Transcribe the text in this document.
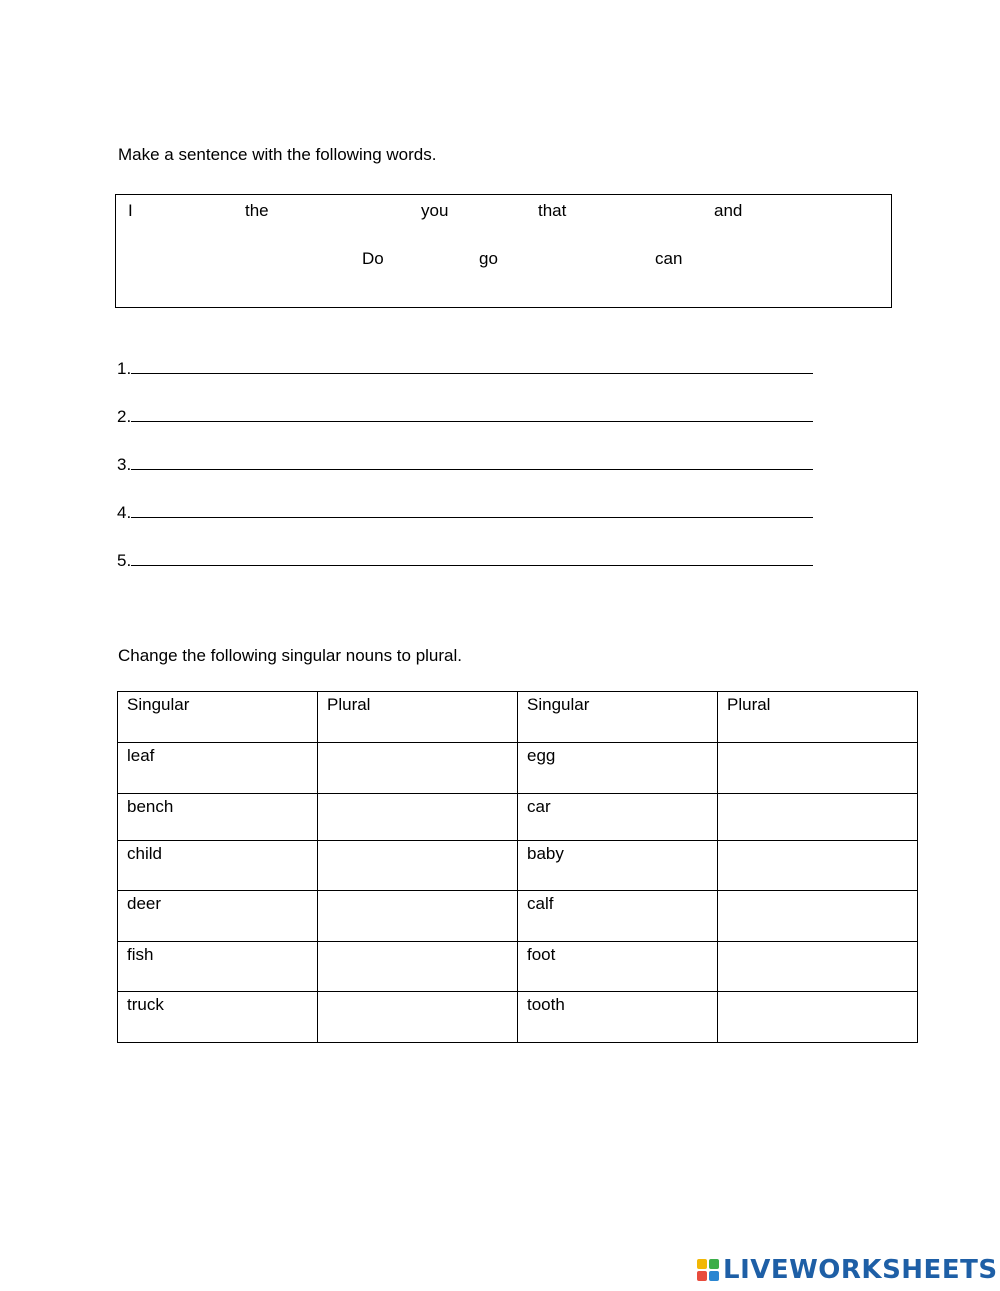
Make a sentence with the following words.
I	the	you	that	and
Do	go	can
1.
2.
3.
4.
5.
Change the following singular nouns to plural.
Singular	Plural	Singular	Plural
leaf		egg	
bench		car	
child		baby	
deer		calf	
fish		foot	
truck		tooth	
LIVEWORKSHEETS
